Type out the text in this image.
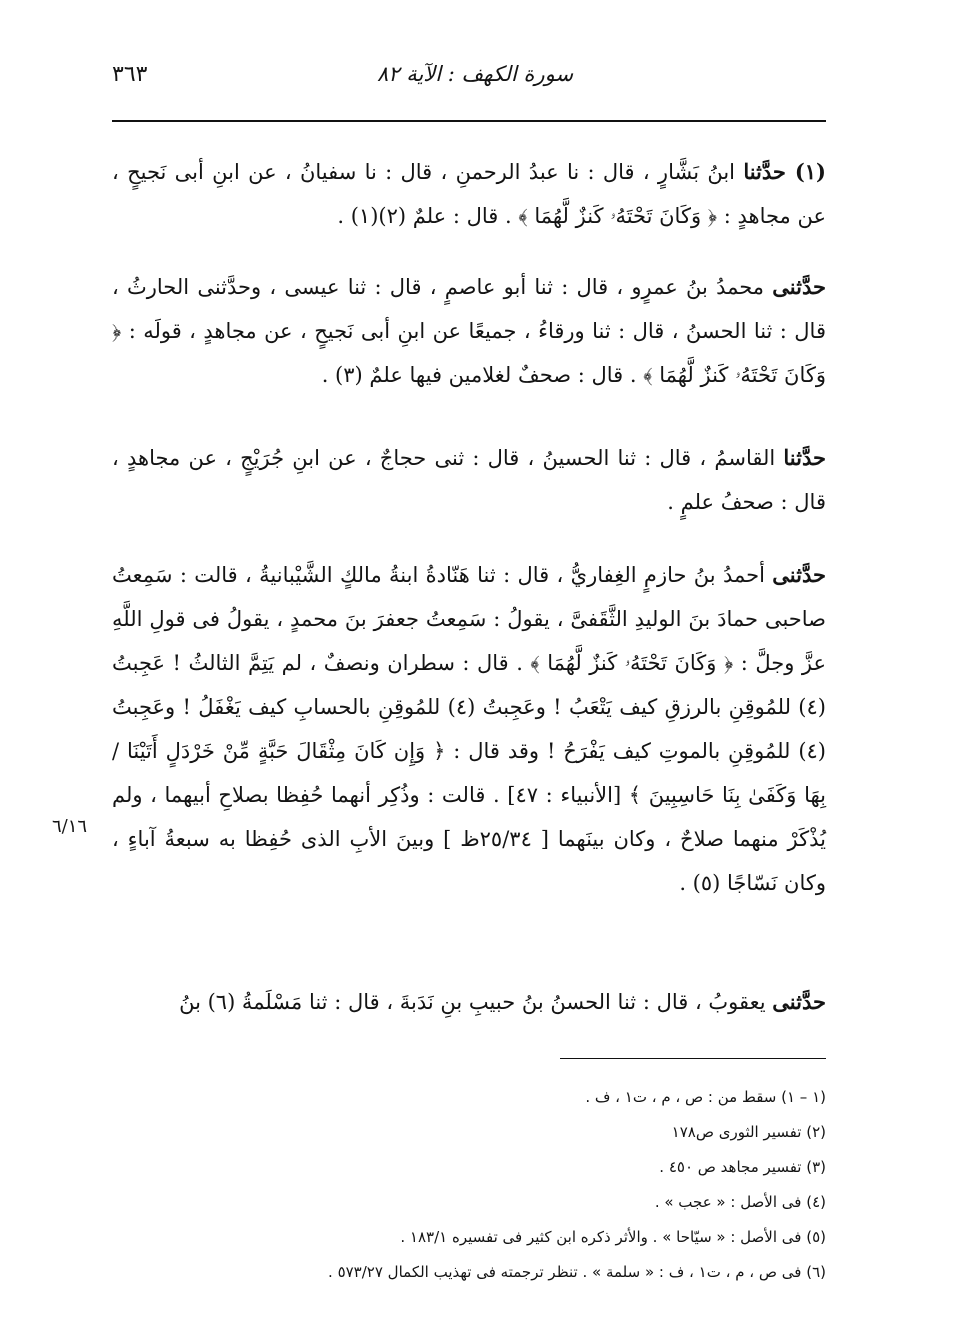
سورة الكهف : الآية ٨٢
٣٦٣

(١) حدَّثنا ابنُ بَشَّارٍ ، قال : نا عبدُ الرحمنِ ، قال : نا سفيانُ ، عن ابنِ أبى نَجيحٍ ، عن مجاهدٍ : ﴿ وَكَانَ تَحْتَهُۥ كَنزٌ لَّهُمَا ﴾ . قال : علمٌ (٢)(١) .

حدَّثنى محمدُ بنُ عمرٍو ، قال : ثنا أبو عاصمٍ ، قال : ثنا عيسى ، وحدَّثنى الحارثُ ، قال : ثنا الحسنُ ، قال : ثنا ورقاءُ ، جميعًا عن ابنِ أبى نَجيحٍ ، عن مجاهدٍ ، قولَه : ﴿ وَكَانَ تَحْتَهُۥ كَنزٌ لَّهُمَا ﴾ . قال : صحفٌ لغلامين فيها علمٌ (٣) .

حدَّثنا القاسمُ ، قال : ثنا الحسينُ ، قال : ثنى حجاجٌ ، عن ابنِ جُرَيْجٍ ، عن مجاهدٍ ، قال : صحفُ علمٍ .

حدَّثنى أحمدُ بنُ حازمٍ الغِفاريُّ ، قال : ثنا هَنّادةُ ابنةُ مالكٍ الشَّيْبانيةُ ، قالت : سَمِعتُ صاحبى حمادَ بنَ الوليدِ الثَّقَفىَّ ، يقولُ : سَمِعتُ جعفرَ بنَ محمدٍ ، يقولُ فى قولِ اللَّهِ عزَّ وجلَّ : ﴿ وَكَانَ تَحْتَهُۥ كَنزٌ لَّهُمَا ﴾ . قال : سطران ونصفٌ ، لم يَتِمَّ الثالثُ ! عَجِبتُ (٤) للمُوقِنِ بالرزقِ كيف يَتْعَبُ ! وعَجِبتُ (٤) للمُوقِنِ بالحسابِ كيف يَغْفَلُ ! وعَجِبتُ (٤) للمُوقِنِ بالموتِ كيف يَفْرَحُ ! وقد قال : ﴿ وَإِن كَانَ مِثْقَالَ حَبَّةٍ مِّنْ خَرْدَلٍ أَتَيْنَا / بِهَا وَكَفَىٰ بِنَا حَاسِبِينَ ﴾ [الأنبياء : ٤٧] . قالت : وذُكِر أنهما حُفِظا بصلاحِ أبيهما ، ولم يُذْكَرْ منهما صلاحٌ ، وكان بينَهما [ ٢٥/٣٤ظ ] وبينَ الأبِ الذى حُفِظا به سبعةُ آباءٍ ، وكان نَسّاجًا (٥) .

٦/١٦

حدَّثنى يعقوبُ ، قال : ثنا الحسنُ بنُ حبيبِ بنِ نَدَبةَ ، قال : ثنا مَسْلَمةُ (٦) بنُ

(١ – ١) سقط من : ص ، م ، ت١ ، ف .

(٢) تفسير الثورى ص١٧٨

(٣) تفسير مجاهد ص ٤٥٠ .

(٤) فى الأصل : « عجب » .

(٥) فى الأصل : « سيّاحا » . والأثر ذكره ابن كثير فى تفسيره ١٨٣/١ .

(٦) فى ص ، م ، ت١ ، ف : « سلمة » . تنظر ترجمته فى تهذيب الكمال ٥٧٣/٢٧ .
